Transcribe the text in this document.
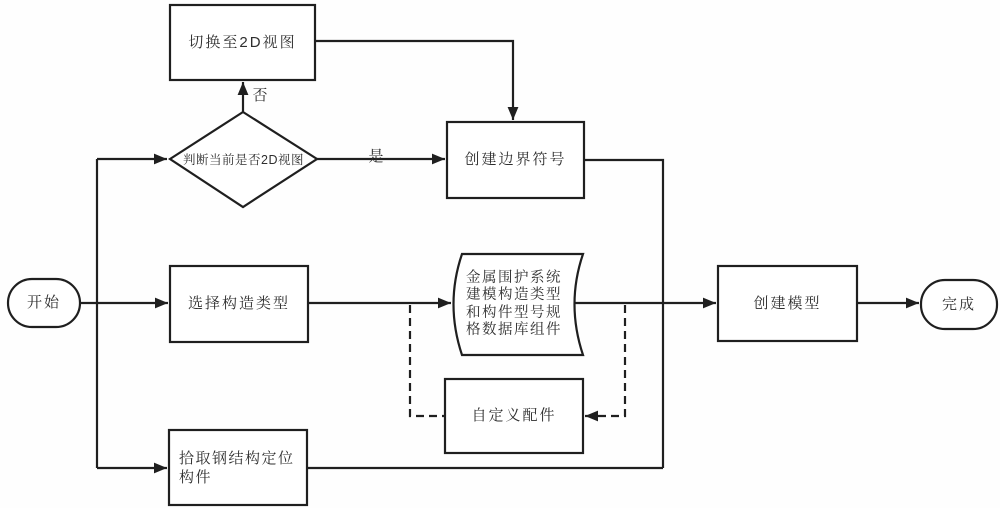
开始
切换至2D视图
判断当前是否2D视图
否
是	创建边界符号
选择构造类型
金属围护系统
建模构造类型
和构件型号规
格数据库组件
自定义配件
创建模型	完成
拾取钢结构定位
构件
